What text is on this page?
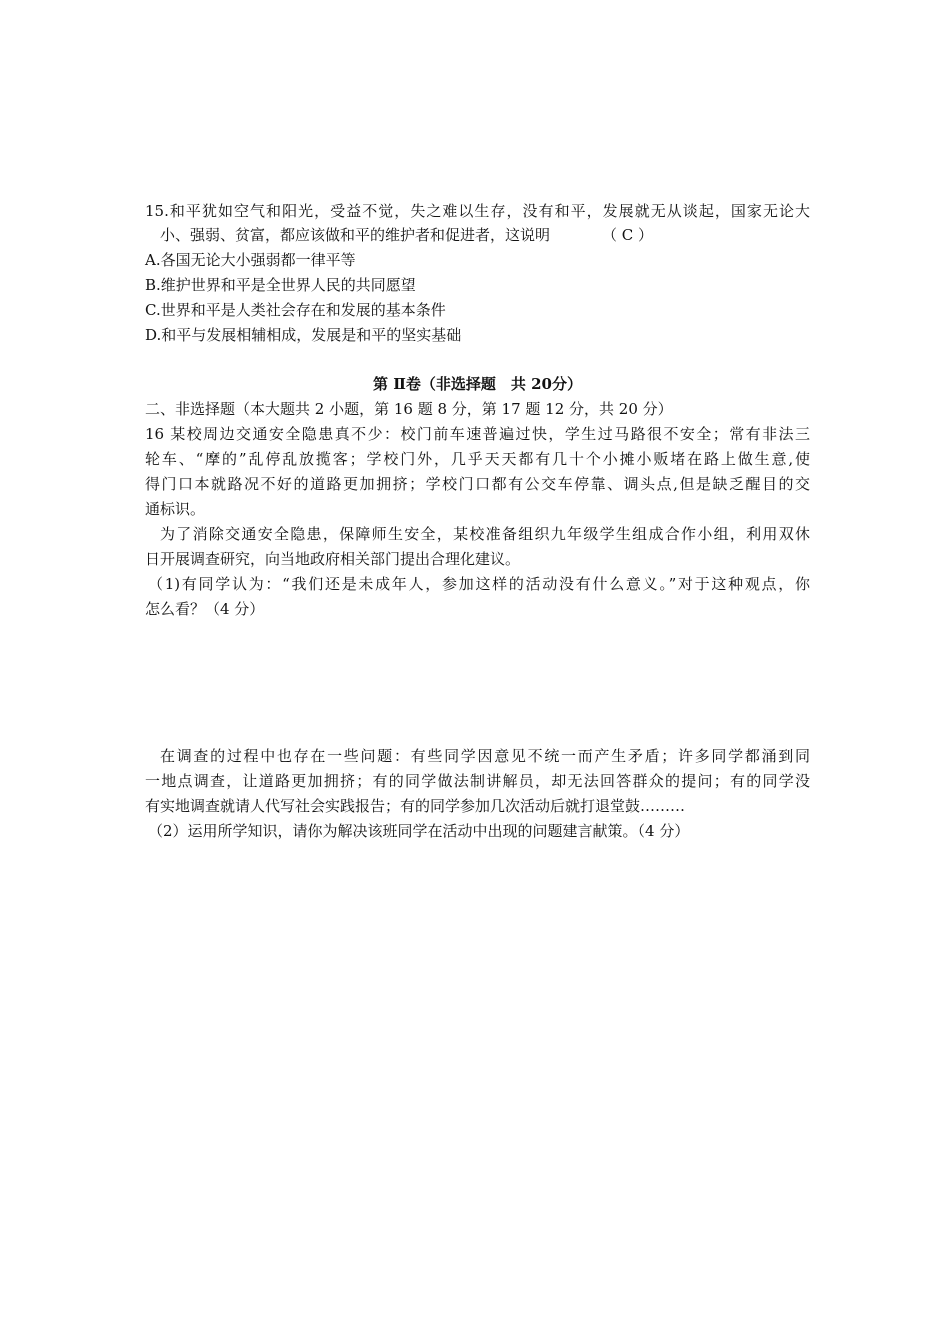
15.和平犹如空气和阳光，受益不觉，失之难以生存，没有和平，发展就无从谈起，国家无论大
小、强弱、贫富，都应该做和平的维护者和促进者，这说明	（ C ）
A.各国无论大小强弱都一律平等
B.维护世界和平是全世界人民的共同愿望
C.世界和平是人类社会存在和发展的基本条件
D.和平与发展相辅相成，发展是和平的坚实基础
第 Ⅱ卷（非选择题　共 20分）
二、非选择题（本大题共 2 小题，第 16 题 8 分，第 17 题 12 分，共 20 分）
16 某校周边交通安全隐患真不少：校门前车速普遍过快，学生过马路很不安全；常有非法三
轮车、“摩的”乱停乱放揽客；学校门外，几乎天天都有几十个小摊小贩堵在路上做生意,使
得门口本就路况不好的道路更加拥挤；学校门口都有公交车停靠、调头点,但是缺乏醒目的交
通标识。
为了消除交通安全隐患，保障师生安全，某校准备组织九年级学生组成合作小组，利用双休
日开展调查研究，向当地政府相关部门提出合理化建议。
（1)有同学认为：“我们还是未成年人，参加这样的活动没有什么意义。”对于这种观点，你
怎么看？（4 分）
在调查的过程中也存在一些问题：有些同学因意见不统一而产生矛盾；许多同学都涌到同
一地点调查，让道路更加拥挤；有的同学做法制讲解员，却无法回答群众的提问；有的同学没
有实地调查就请人代写社会实践报告；有的同学参加几次活动后就打退堂鼓………
（2）运用所学知识，请你为解决该班同学在活动中出现的问题建言献策。（4 分）
